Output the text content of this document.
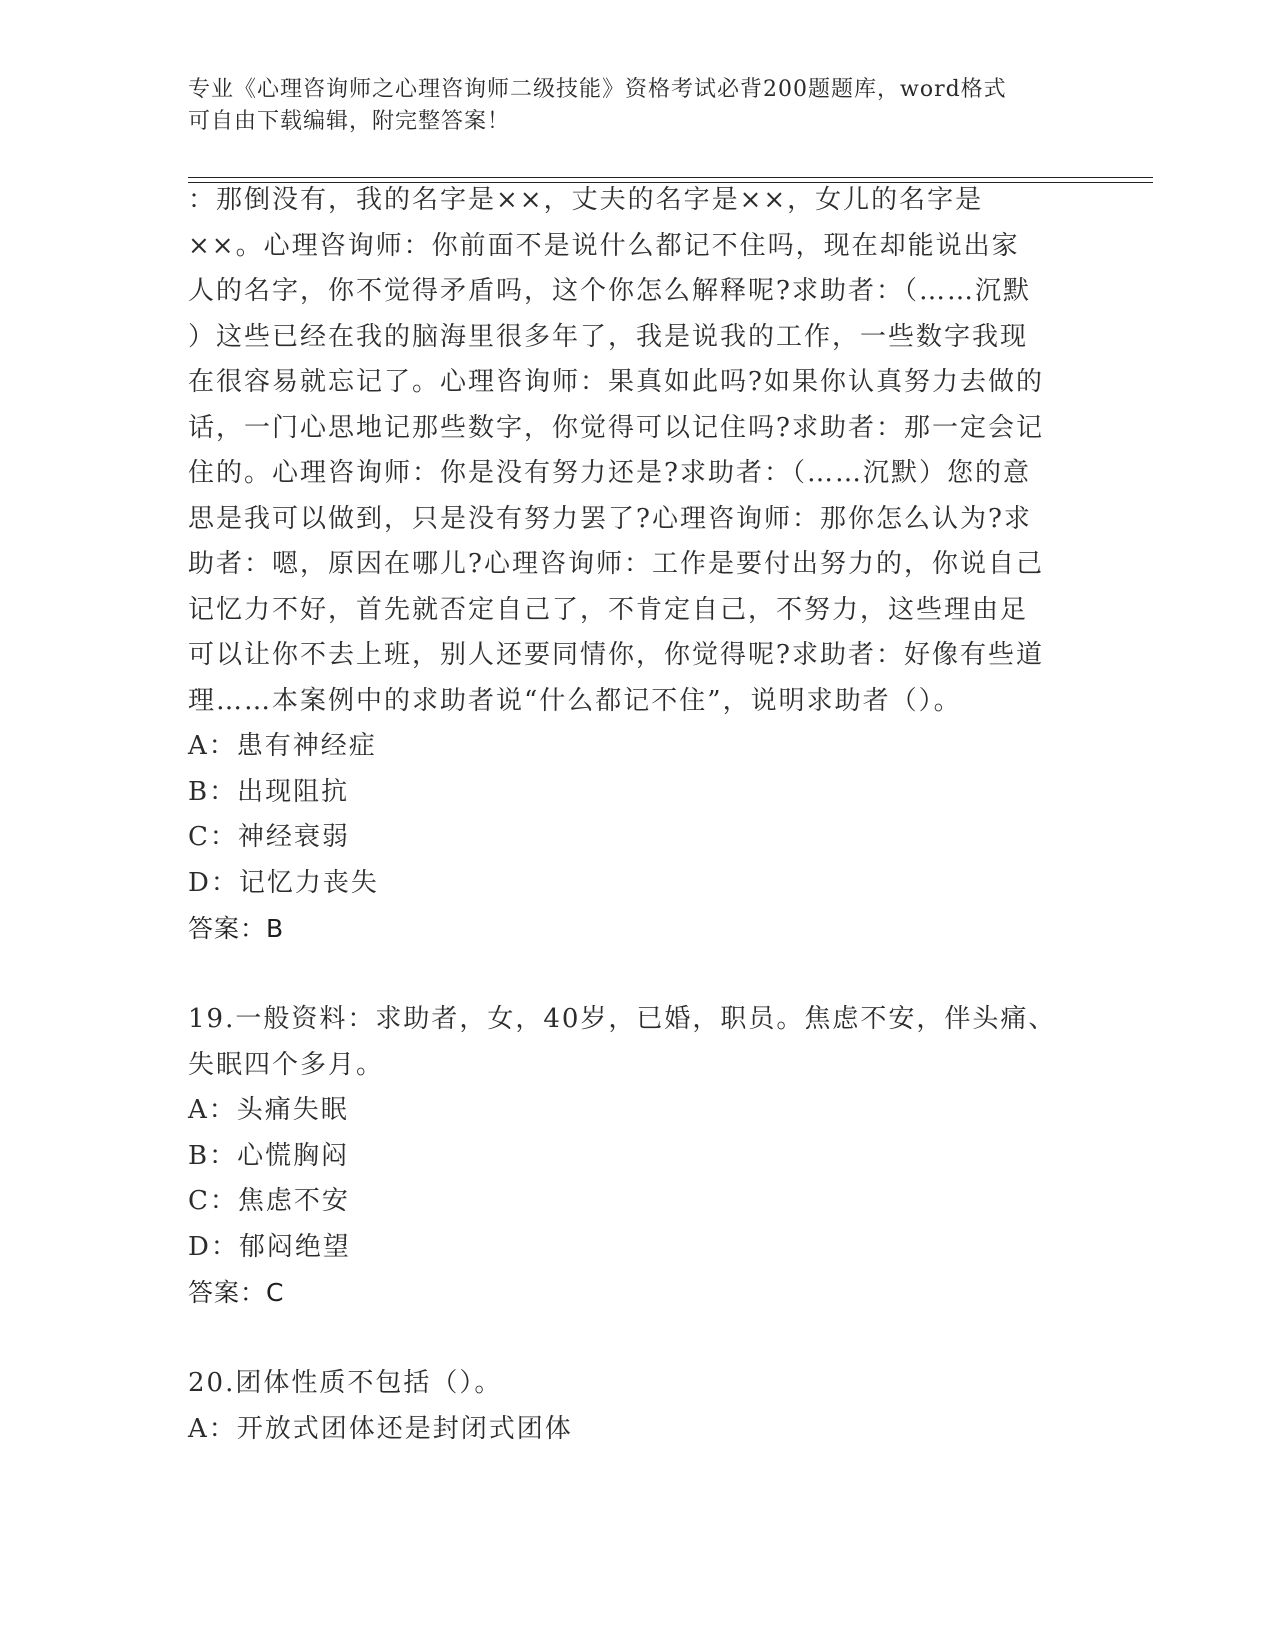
专业《心理咨询师之心理咨询师二级技能》资格考试必背200题题库，word格式
可自由下载编辑，附完整答案！
：那倒没有，我的名字是××，丈夫的名字是××，女儿的名字是
××。心理咨询师：你前面不是说什么都记不住吗，现在却能说出家
人的名字，你不觉得矛盾吗，这个你怎么解释呢?求助者：（……沉默
）这些已经在我的脑海里很多年了，我是说我的工作，一些数字我现
在很容易就忘记了。心理咨询师：果真如此吗?如果你认真努力去做的
话，一门心思地记那些数字，你觉得可以记住吗?求助者：那一定会记
住的。心理咨询师：你是没有努力还是?求助者：（……沉默）您的意
思是我可以做到，只是没有努力罢了?心理咨询师：那你怎么认为?求
助者：嗯，原因在哪儿?心理咨询师：工作是要付出努力的，你说自己
记忆力不好，首先就否定自己了，不肯定自己，不努力，这些理由足
可以让你不去上班，别人还要同情你，你觉得呢?求助者：好像有些道
理……本案例中的求助者说“什么都记不住”，说明求助者（）。
A：患有神经症
B：出现阻抗
C：神经衰弱
D：记忆力丧失
答案：B
19.一般资料：求助者，女，40岁，已婚，职员。焦虑不安，伴头痛、
失眠四个多月。
A：头痛失眠
B：心慌胸闷
C：焦虑不安
D：郁闷绝望
答案：C
20.团体性质不包括（）。
A：开放式团体还是封闭式团体
